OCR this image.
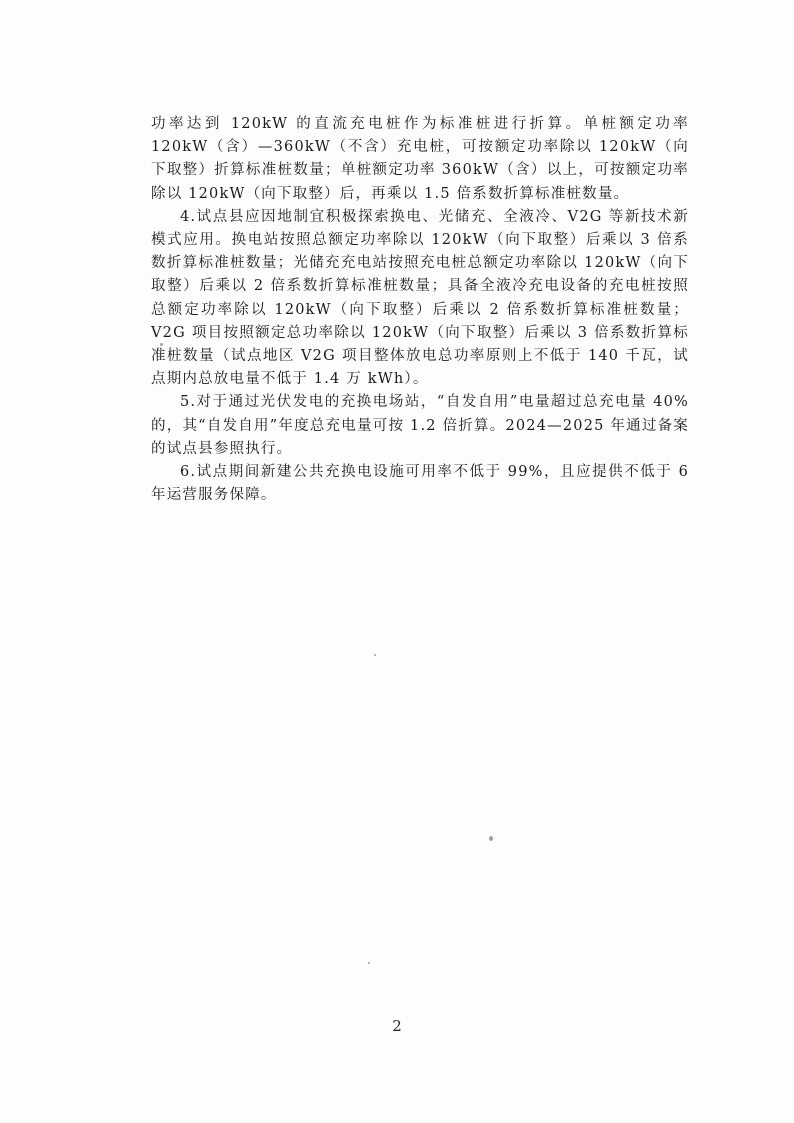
功率达到 120kW 的直流充电桩作为标准桩进行折算。单桩额定功率 120kW（含）—360kW（不含）充电桩，可按额定功率除以 120kW（向下取整）折算标准桩数量；单桩额定功率 360kW（含）以上，可按额定功率除以 120kW（向下取整）后，再乘以 1.5 倍系数折算标准桩数量。

4.试点县应因地制宜积极探索换电、光储充、全液冷、V2G 等新技术新模式应用。换电站按照总额定功率除以 120kW（向下取整）后乘以 3 倍系数折算标准桩数量；光储充充电站按照充电桩总额定功率除以 120kW（向下取整）后乘以 2 倍系数折算标准桩数量；具备全液冷充电设备的充电桩按照总额定功率除以 120kW（向下取整）后乘以 2 倍系数折算标准桩数量；V2G 项目按照额定总功率除以 120kW（向下取整）后乘以 3 倍系数折算标准桩数量（试点地区 V2G 项目整体放电总功率原则上不低于 140 千瓦，试点期内总放电量不低于 1.4 万 kWh）。

5.对于通过光伏发电的充换电场站，“自发自用”电量超过总充电量 40%的，其“自发自用”年度总充电量可按 1.2 倍折算。2024—2025 年通过备案的试点县参照执行。

6.试点期间新建公共充换电设施可用率不低于 99%，且应提供不低于 6 年运营服务保障。

2
